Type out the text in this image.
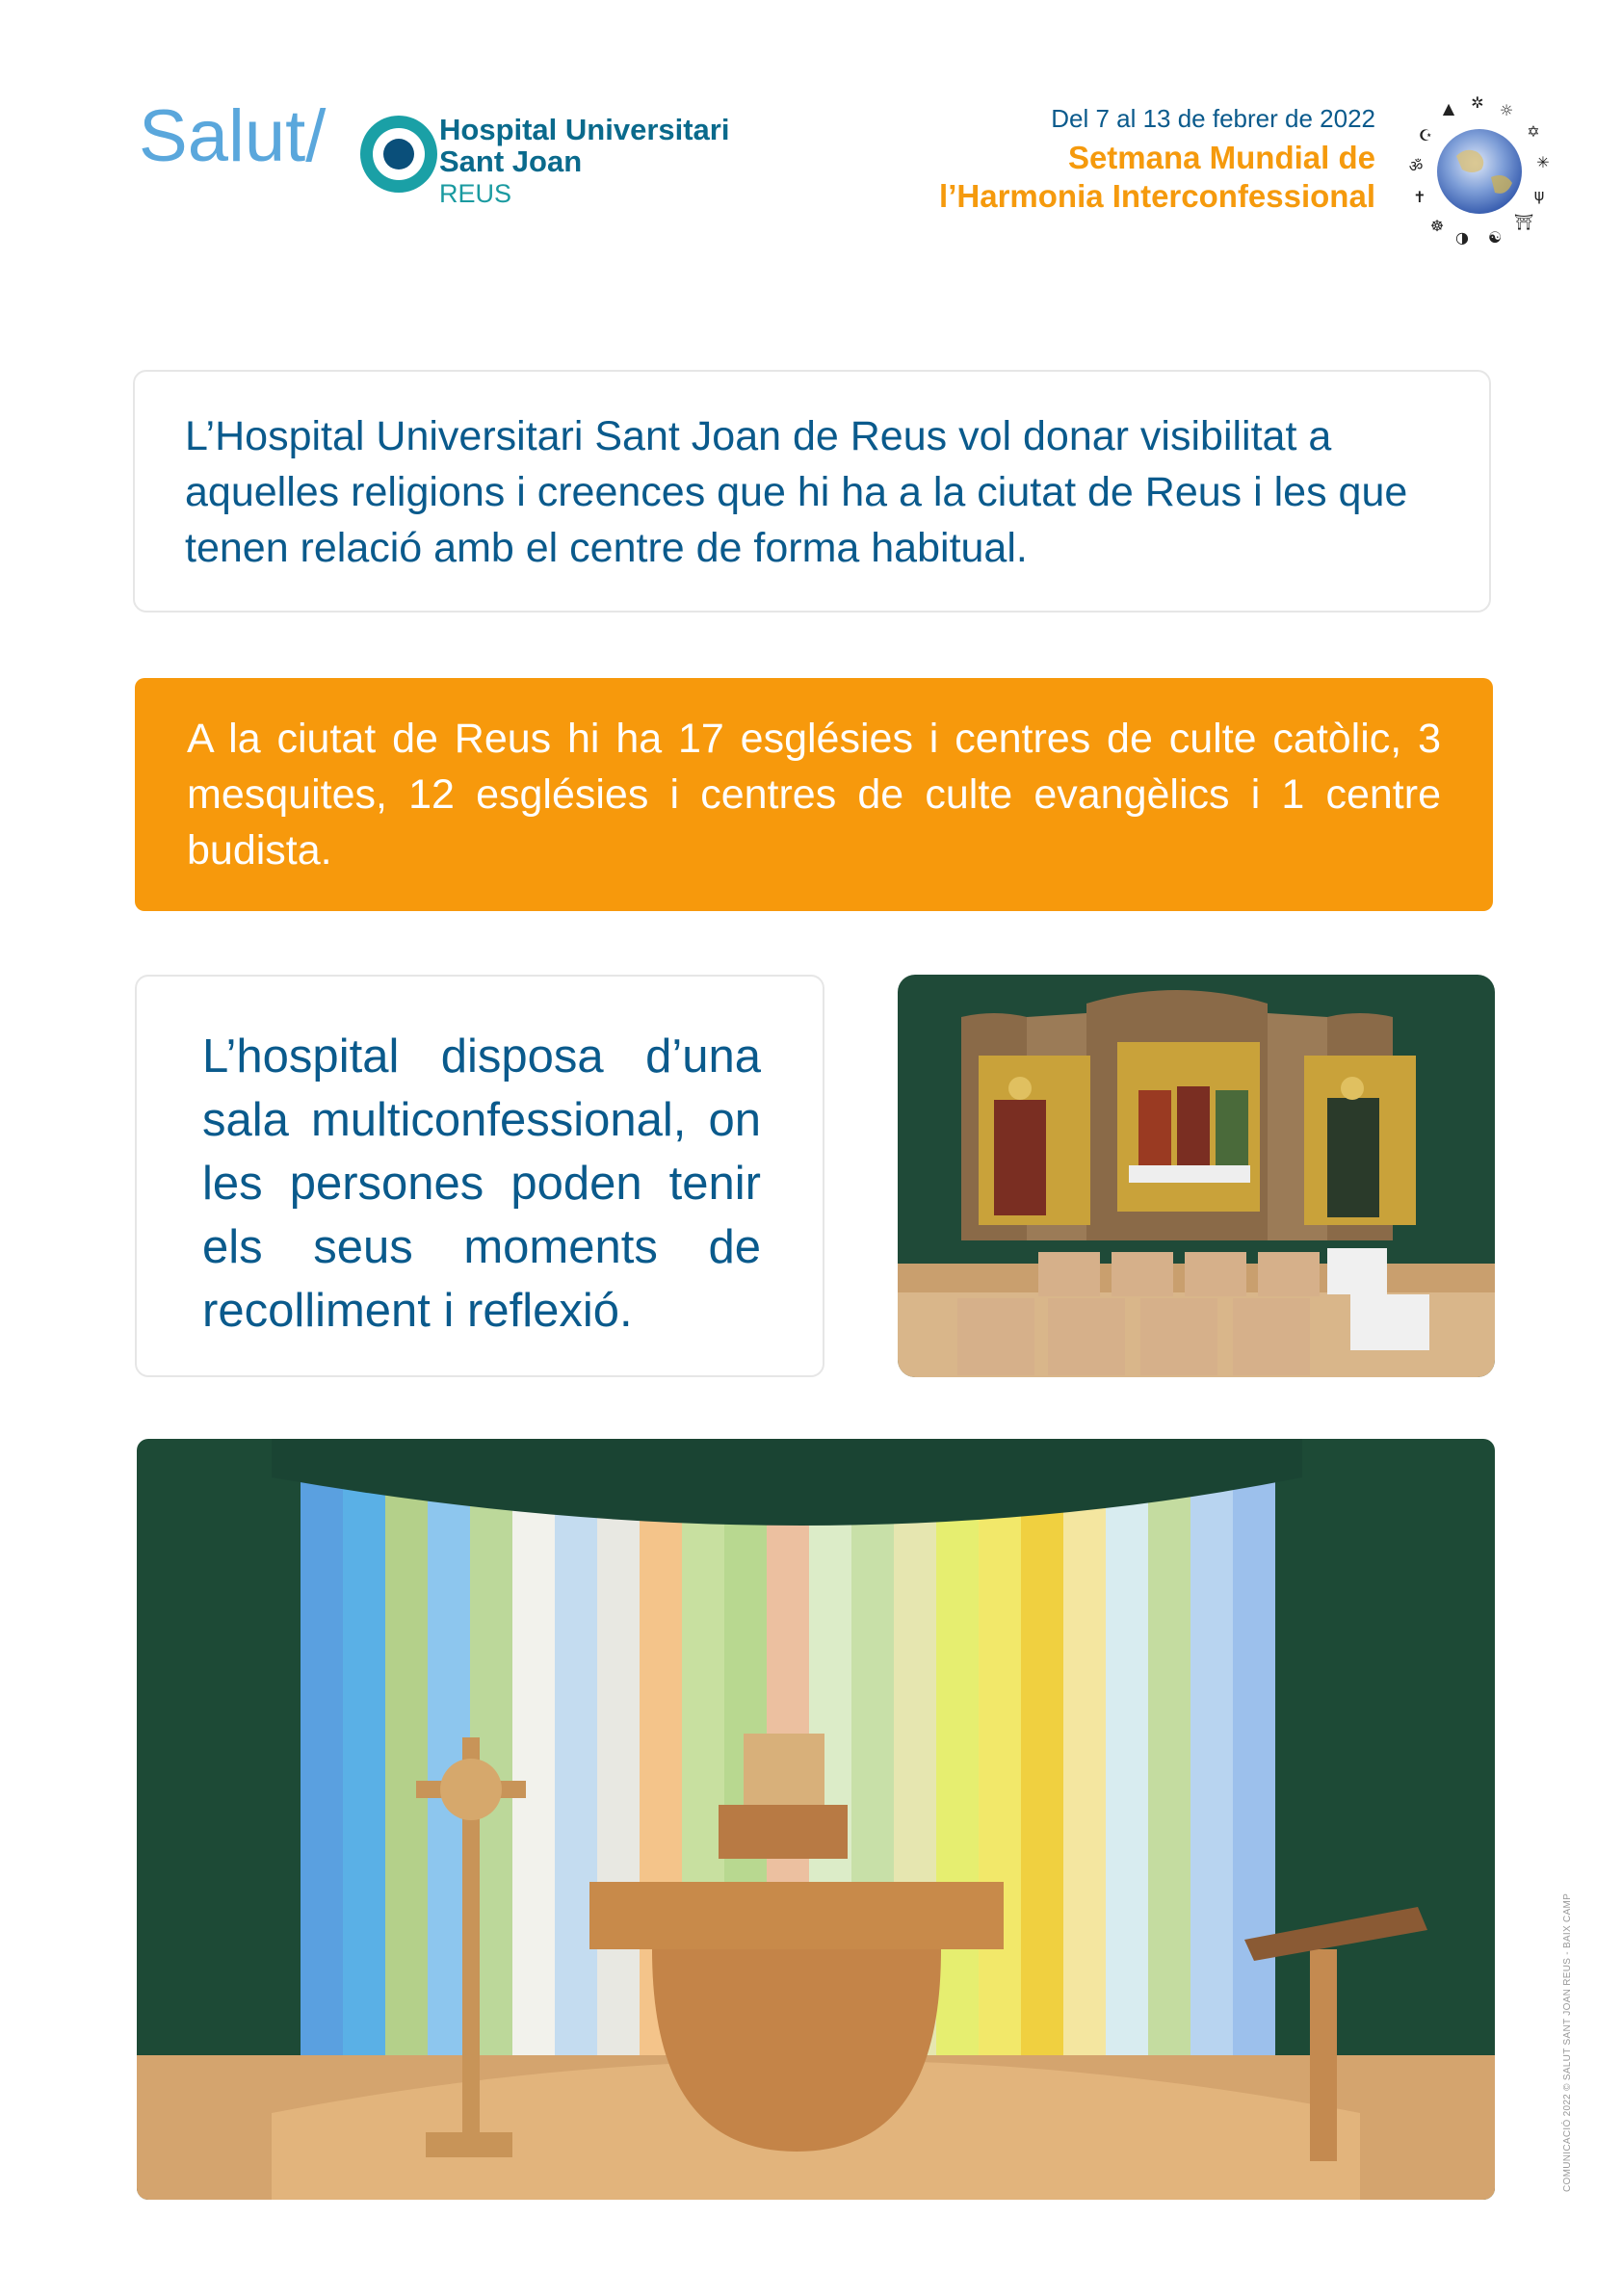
Salut/	Hospital Universitari
Sant Joan
REUS
Del 7 al 13 de febrer de 2022
Setmana Mundial de
l’Harmonia Interconfessional
▲ ✲ ☼
✡
✳
ψ
⛩
☯
◑
☸
✝
ॐ
☪

L’Hospital Universitari Sant Joan de Reus vol donar visibilitat a aquelles religions i creences que hi ha a la ciutat de Reus i les que tenen relació amb el centre de forma habitual.

A la ciutat de Reus hi ha 17 esglésies i centres de culte catòlic, 3 mesquites, 12 esglésies i centres de culte evangèlics i 1 centre budista.

L’hospital disposa d’una sala multiconfessional, on les persones poden tenir els seus moments de recolliment i reflexió.

COMUNICACIÓ 2022 © SALUT SANT JOAN REUS - BAIX CAMP
